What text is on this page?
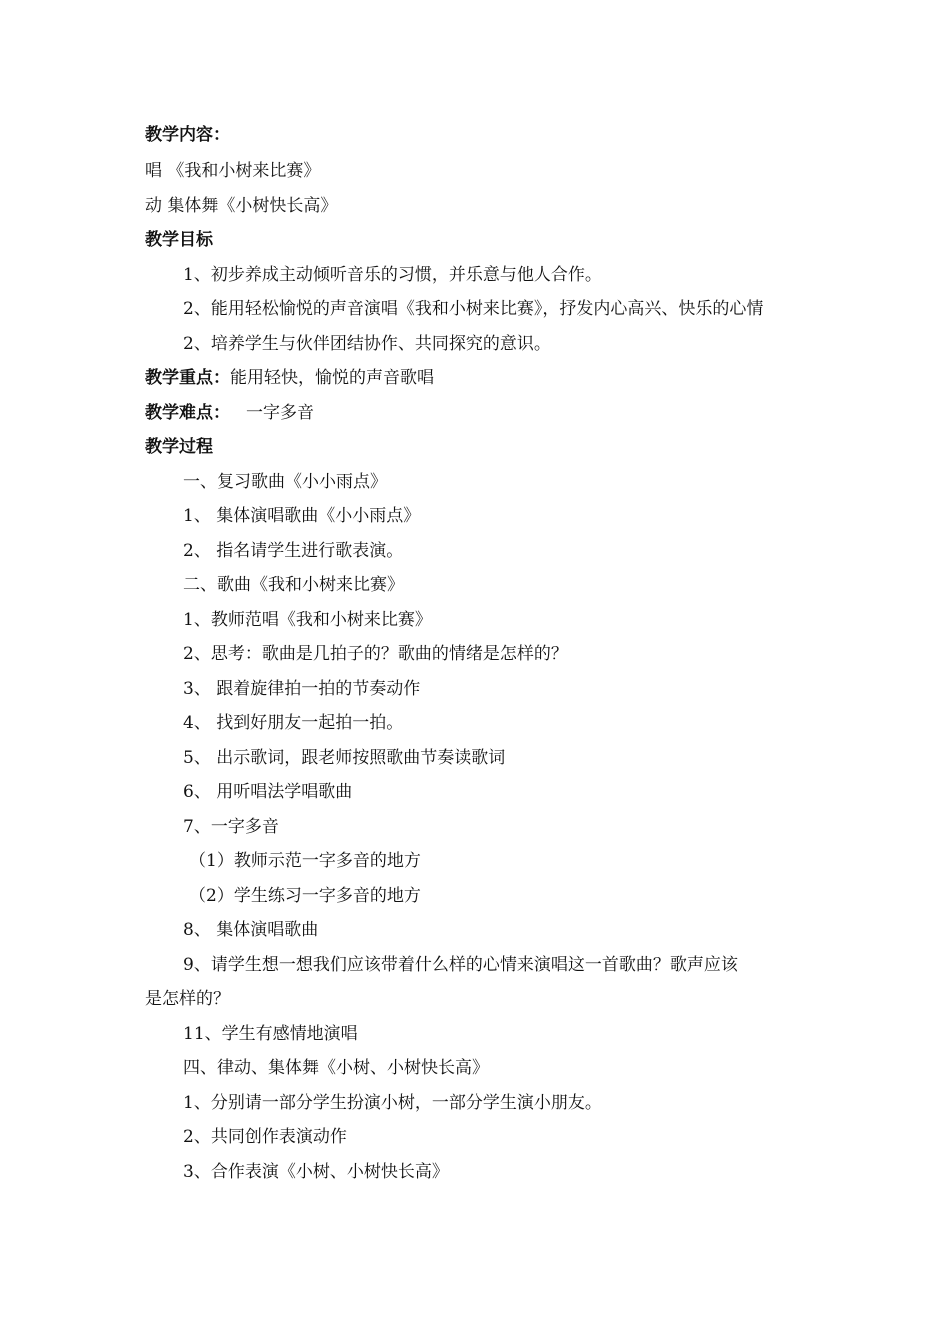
教学内容：
唱 《我和小树来比赛》
动 集体舞《小树快长高》
教学目标
1、初步养成主动倾听音乐的习惯，并乐意与他人合作。
2、能用轻松愉悦的声音演唱《我和小树来比赛》，抒发内心高兴、快乐的心情
2、培养学生与伙伴团结协作、共同探究的意识。
教学重点：能用轻快，愉悦的声音歌唱
教学难点： 一字多音
教学过程
一、复习歌曲《小小雨点》
1、 集体演唱歌曲《小小雨点》
2、 指名请学生进行歌表演。
二、歌曲《我和小树来比赛》
1、教师范唱《我和小树来比赛》
2、思考：歌曲是几拍子的？歌曲的情绪是怎样的？
3、 跟着旋律拍一拍的节奏动作
4、 找到好朋友一起拍一拍。
5、 出示歌词，跟老师按照歌曲节奏读歌词
6、 用听唱法学唱歌曲
7、一字多音
（1）教师示范一字多音的地方
（2）学生练习一字多音的地方
8、 集体演唱歌曲
9、请学生想一想我们应该带着什么样的心情来演唱这一首歌曲？歌声应该
是怎样的？
11、学生有感情地演唱
四、律动、集体舞《小树、小树快长高》
1、分别请一部分学生扮演小树，一部分学生演小朋友。
2、共同创作表演动作
3、合作表演《小树、小树快长高》
